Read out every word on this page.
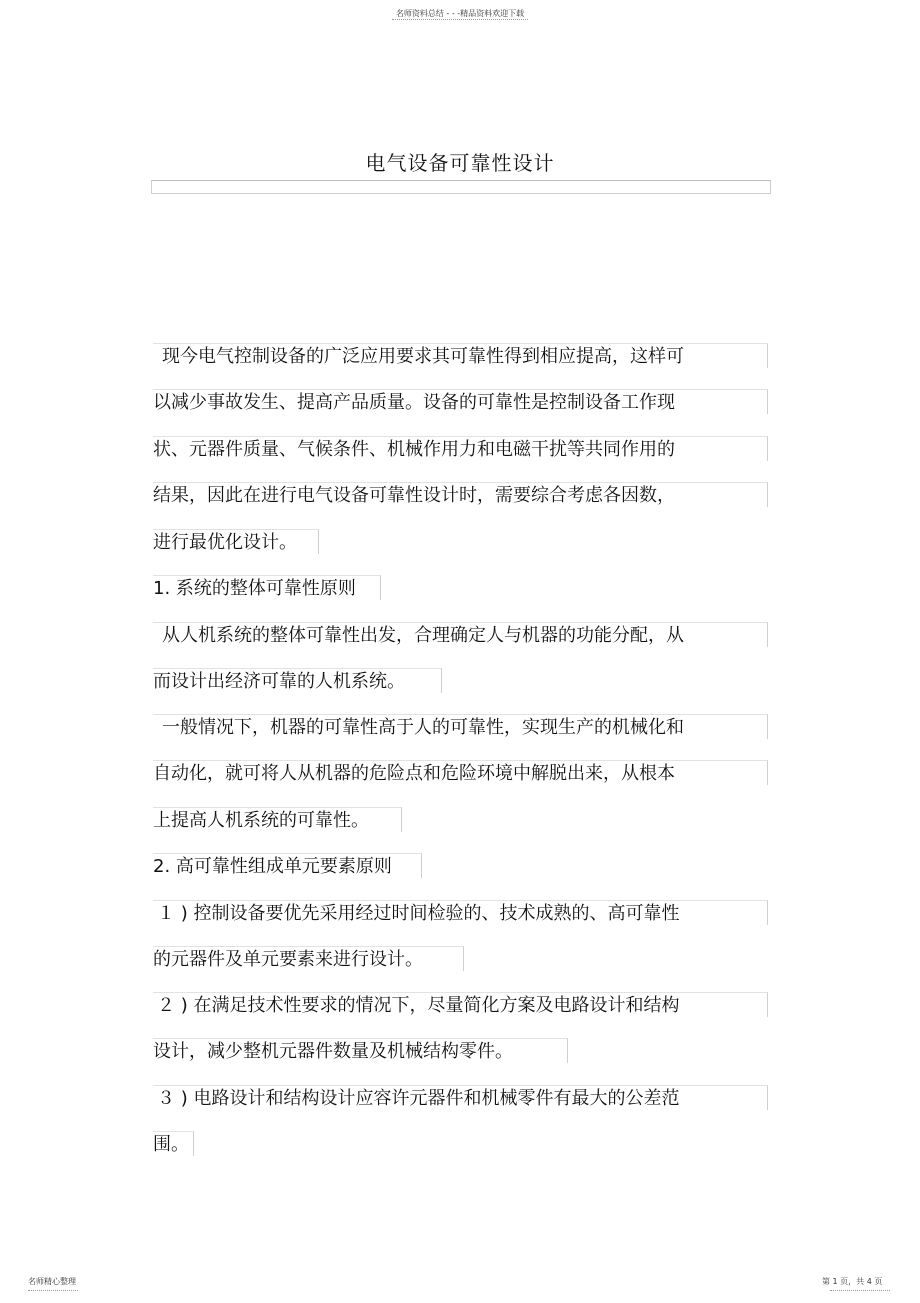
名师资料总结 - - -精品资料欢迎下载
电气设备可靠性设计
现今电气控制设备的广泛应用要求其可靠性得到相应提高，这样可
以减少事故发生、提高产品质量。设备的可靠性是控制设备工作现
状、元器件质量、气候条件、机械作用力和电磁干扰等共同作用的
结果，因此在进行电气设备可靠性设计时，需要综合考虑各因数，
进行最优化设计。
1. 系统的整体可靠性原则
从人机系统的整体可靠性出发，合理确定人与机器的功能分配，从
而设计出经济可靠的人机系统。
一般情况下，机器的可靠性高于人的可靠性，实现生产的机械化和
自动化，就可将人从机器的危险点和危险环境中解脱出来，从根本
上提高人机系统的可靠性。
2. 高可靠性组成单元要素原则
１ ) 控制设备要优先采用经过时间检验的、技术成熟的、高可靠性
的元器件及单元要素来进行设计。
２ ) 在满足技术性要求的情况下，尽量简化方案及电路设计和结构
设计，减少整机元器件数量及机械结构零件。
３ ) 电路设计和结构设计应容许元器件和机械零件有最大的公差范
围。
名师精心整理	第 1 页，共 4 页
